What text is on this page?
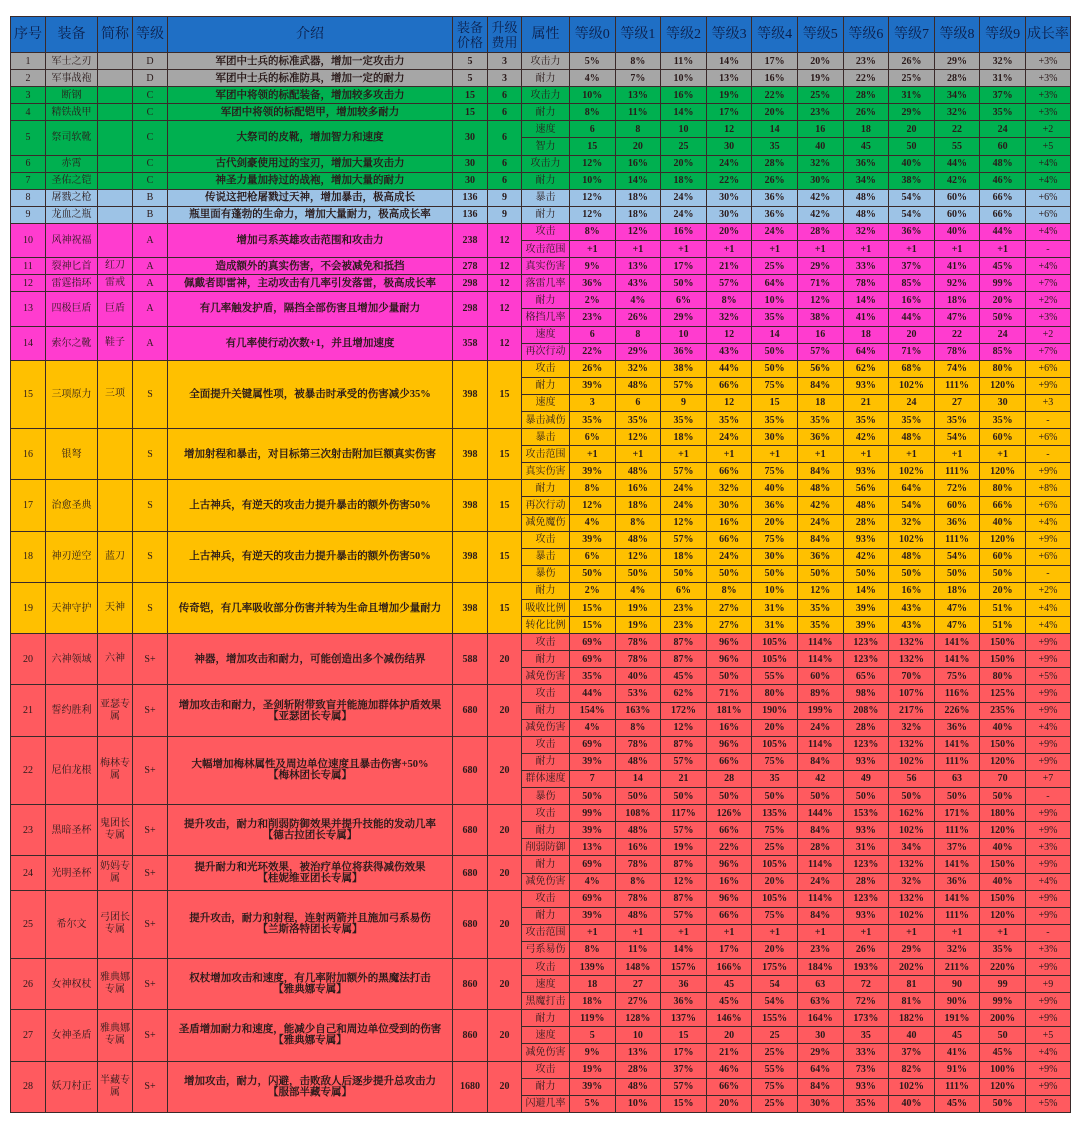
序号	装备	简称	等级	介绍	装备价格	升级费用	属性	等级0	等级1	等级2	等级3	等级4	等级5	等级6	等级7	等级8	等级9	成长率
1	军士之刃		D	军团中士兵的标准武器，增加一定攻击力	5	3	攻击力	5%	8%	11%	14%	17%	20%	23%	26%	29%	32%	+3%
2	军事战袍		D	军团中士兵的标准防具，增加一定的耐力	5	3	耐力	4%	7%	10%	13%	16%	19%	22%	25%	28%	31%	+3%
3	断钢		C	军团中将领的标配装备，增加较多攻击力	15	6	攻击力	10%	13%	16%	19%	22%	25%	28%	31%	34%	37%	+3%
4	精铁战甲		C	军团中将领的标配铠甲，增加较多耐力	15	6	耐力	8%	11%	14%	17%	20%	23%	26%	29%	32%	35%	+3%
5	祭司软靴		C	大祭司的皮靴，增加智力和速度	30	6	速度	6	8	10	12	14	16	18	20	22	24	+2
							智力	15	20	25	30	35	40	45	50	55	60	+5
6	赤霄		C	古代剑豪使用过的宝刃，增加大量攻击力	30	6	攻击力	12%	16%	20%	24%	28%	32%	36%	40%	44%	48%	+4%
7	圣佑之铠		C	神圣力量加持过的战袍，增加大量的耐力	30	6	耐力	10%	14%	18%	22%	26%	30%	34%	38%	42%	46%	+4%
8	屠戮之枪		B	传说这把枪屠戮过天神，增加暴击，极高成长	136	9	暴击	12%	18%	24%	30%	36%	42%	48%	54%	60%	66%	+6%
9	龙血之瓶		B	瓶里面有蓬勃的生命力，增加大量耐力，极高成长率	136	9	耐力	12%	18%	24%	30%	36%	42%	48%	54%	60%	66%	+6%
10	风神祝福		A	增加弓系英雄攻击范围和攻击力	238	12	攻击	8%	12%	16%	20%	24%	28%	32%	36%	40%	44%	+4%
							攻击范围	+1	+1	+1	+1	+1	+1	+1	+1	+1	+1	-
11	裂神匕首	红刀	A	造成额外的真实伤害，不会被减免和抵挡	278	12	真实伤害	9%	13%	17%	21%	25%	29%	33%	37%	41%	45%	+4%
12	雷霆指环	雷戒	A	佩戴者即雷神，主动攻击有几率引发落雷，极高成长率	298	12	落雷几率	36%	43%	50%	57%	64%	71%	78%	85%	92%	99%	+7%
13	四极巨盾	巨盾	A	有几率触发护盾，隔挡全部伤害且增加少量耐力	298	12	耐力	2%	4%	6%	8%	10%	12%	14%	16%	18%	20%	+2%
							格挡几率	23%	26%	29%	32%	35%	38%	41%	44%	47%	50%	+3%
14	索尔之靴	鞋子	A	有几率使行动次数+1，并且增加速度	358	12	速度	6	8	10	12	14	16	18	20	22	24	+2
							再次行动	22%	29%	36%	43%	50%	57%	64%	71%	78%	85%	+7%
15	三项原力	三项	S	全面提升关键属性项，被暴击时承受的伤害减少35%	398	15	攻击	26%	32%	38%	44%	50%	56%	62%	68%	74%	80%	+6%
							耐力	39%	48%	57%	66%	75%	84%	93%	102%	111%	120%	+9%
							速度	3	6	9	12	15	18	21	24	27	30	+3
							暴击减伤	35%	35%	35%	35%	35%	35%	35%	35%	35%	35%	-
16	银弩		S	增加射程和暴击，对目标第三次射击附加巨额真实伤害	398	15	暴击	6%	12%	18%	24%	30%	36%	42%	48%	54%	60%	+6%
							攻击范围	+1	+1	+1	+1	+1	+1	+1	+1	+1	+1	-
							真实伤害	39%	48%	57%	66%	75%	84%	93%	102%	111%	120%	+9%
17	治愈圣典		S	上古神兵，有逆天的攻击力提升暴击的额外伤害50%	398	15	耐力	8%	16%	24%	32%	40%	48%	56%	64%	72%	80%	+8%
							再次行动	12%	18%	24%	30%	36%	42%	48%	54%	60%	66%	+6%
							减免魔伤	4%	8%	12%	16%	20%	24%	28%	32%	36%	40%	+4%
18	神刃逆空	蓝刀	S	上古神兵，有逆天的攻击力提升暴击的额外伤害50%	398	15	攻击	39%	48%	57%	66%	75%	84%	93%	102%	111%	120%	+9%
							暴击	6%	12%	18%	24%	30%	36%	42%	48%	54%	60%	+6%
							暴伤	50%	50%	50%	50%	50%	50%	50%	50%	50%	50%	-
19	天神守护	天神	S	传奇铠，有几率吸收部分伤害并转为生命且增加少量耐力	398	15	耐力	2%	4%	6%	8%	10%	12%	14%	16%	18%	20%	+2%
							吸收比例	15%	19%	23%	27%	31%	35%	39%	43%	47%	51%	+4%
							转化比例	15%	19%	23%	27%	31%	35%	39%	43%	47%	51%	+4%
20	六神领域	六神	S+	神器，增加攻击和耐力，可能创造出多个减伤结界	588	20	攻击	69%	78%	87%	96%	105%	114%	123%	132%	141%	150%	+9%
							耐力	69%	78%	87%	96%	105%	114%	123%	132%	141%	150%	+9%
							减免伤害	35%	40%	45%	50%	55%	60%	65%	70%	75%	80%	+5%
21	誓约胜利	亚瑟专属	S+	增加攻击和耐力，圣剑斩附带致盲并能施加群体护盾效果
【亚瑟团长专属】	680	20	攻击	44%	53%	62%	71%	80%	89%	98%	107%	116%	125%	+9%
							耐力	154%	163%	172%	181%	190%	199%	208%	217%	226%	235%	+9%
							减免伤害	4%	8%	12%	16%	20%	24%	28%	32%	36%	40%	+4%
22	尼伯龙根	梅林专属	S+	大幅增加梅林属性及周边单位速度且暴击伤害+50%
【梅林团长专属】	680	20	攻击	69%	78%	87%	96%	105%	114%	123%	132%	141%	150%	+9%
							耐力	39%	48%	57%	66%	75%	84%	93%	102%	111%	120%	+9%
							群体速度	7	14	21	28	35	42	49	56	63	70	+7
							暴伤	50%	50%	50%	50%	50%	50%	50%	50%	50%	50%	-
23	黑暗圣杯	鬼团长专属	S+	提升攻击，耐力和削弱防御效果并提升技能的发动几率
【德古拉团长专属】	680	20	攻击	99%	108%	117%	126%	135%	144%	153%	162%	171%	180%	+9%
							耐力	39%	48%	57%	66%	75%	84%	93%	102%	111%	120%	+9%
							削弱防御	13%	16%	19%	22%	25%	28%	31%	34%	37%	40%	+3%
24	光明圣杯	奶妈专属	S+	提升耐力和光环效果，被治疗单位将获得减伤效果
【桂妮维亚团长专属】	680	20	耐力	69%	78%	87%	96%	105%	114%	123%	132%	141%	150%	+9%
							减免伤害	4%	8%	12%	16%	20%	24%	28%	32%	36%	40%	+4%
25	希尔文	弓团长专属	S+	提升攻击，耐力和射程，连射两箭并且施加弓系易伤
【兰斯洛特团长专属】	680	20	攻击	69%	78%	87%	96%	105%	114%	123%	132%	141%	150%	+9%
							耐力	39%	48%	57%	66%	75%	84%	93%	102%	111%	120%	+9%
							攻击范围	+1	+1	+1	+1	+1	+1	+1	+1	+1	+1	-
							弓系易伤	8%	11%	14%	17%	20%	23%	26%	29%	32%	35%	+3%
26	女神权杖	雅典娜专属	S+	权杖增加攻击和速度，有几率附加额外的黑魔法打击
【雅典娜专属】	860	20	攻击	139%	148%	157%	166%	175%	184%	193%	202%	211%	220%	+9%
							速度	18	27	36	45	54	63	72	81	90	99	+9
							黑魔打击	18%	27%	36%	45%	54%	63%	72%	81%	90%	99%	+9%
27	女神圣盾	雅典娜专属	S+	圣盾增加耐力和速度，能减少自己和周边单位受到的伤害
【雅典娜专属】	860	20	耐力	119%	128%	137%	146%	155%	164%	173%	182%	191%	200%	+9%
							速度	5	10	15	20	25	30	35	40	45	50	+5
							减免伤害	9%	13%	17%	21%	25%	29%	33%	37%	41%	45%	+4%
28	妖刀村正	半藏专属	S+	增加攻击，耐力，闪避，击败敌人后逐步提升总攻击力
【服部半藏专属】	1680	20	攻击	19%	28%	37%	46%	55%	64%	73%	82%	91%	100%	+9%
							耐力	39%	48%	57%	66%	75%	84%	93%	102%	111%	120%	+9%
							闪避几率	5%	10%	15%	20%	25%	30%	35%	40%	45%	50%	+5%
